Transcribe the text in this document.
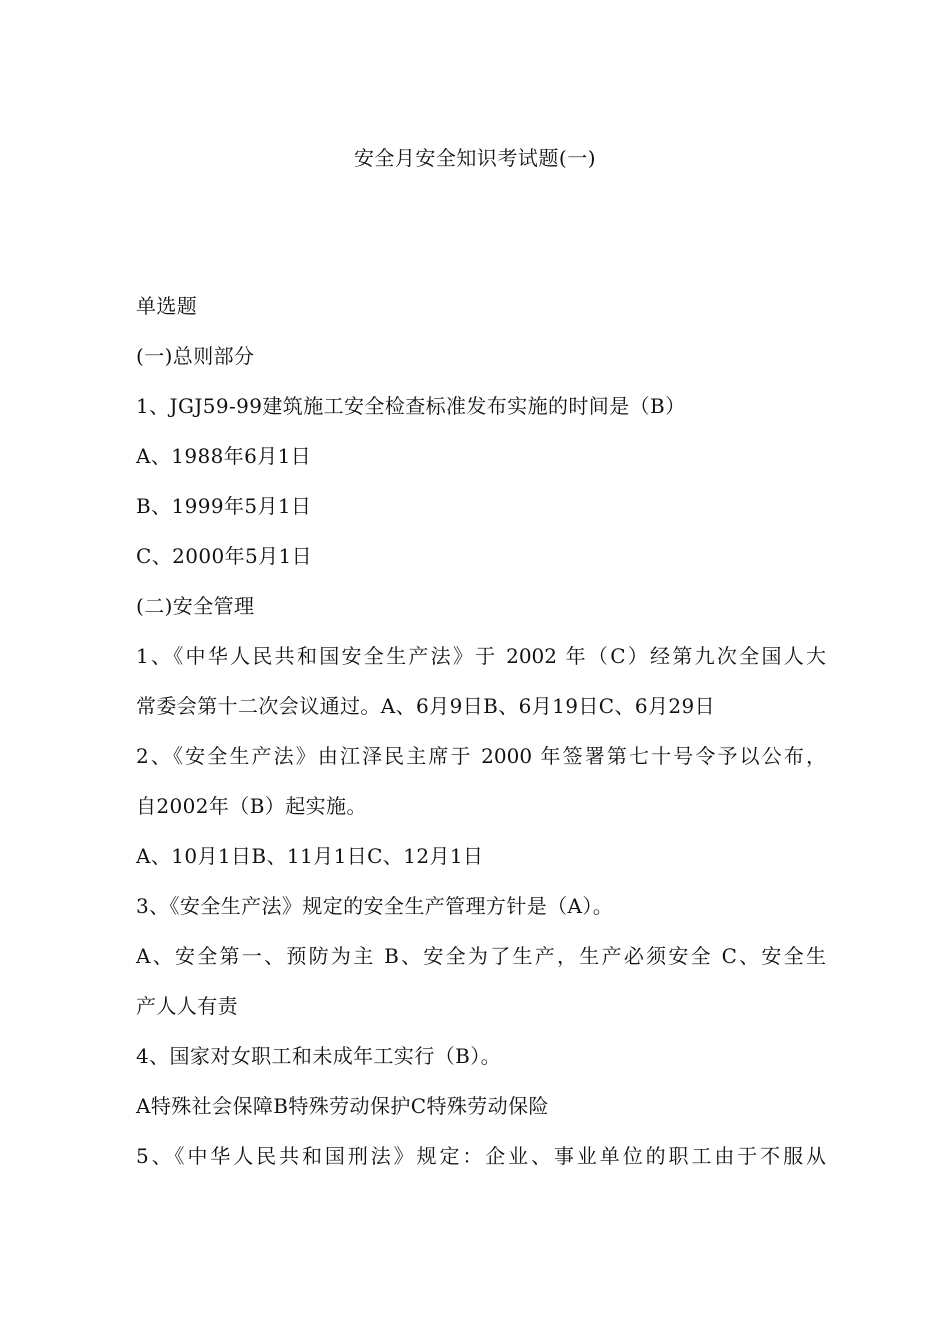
安全月安全知识考试题(一)
单选题
(一)总则部分
1、JGJ59-99建筑施工安全检查标准发布实施的时间是（B）
A、1988年6月1日
B、1999年5月1日
C、2000年5月1日
(二)安全管理
1、《中华人民共和国安全生产法》于 2002 年（C）经第九次全国人大
常委会第十二次会议通过。A、6月9日B、6月19日C、6月29日
2、《安全生产法》由江泽民主席于 2000 年签署第七十号令予以公布，
自2002年（B）起实施。
A、10月1日B、11月1日C、12月1日
3、《安全生产法》规定的安全生产管理方针是（A）。
A、安全第一、预防为主 B、安全为了生产，生产必须安全 C、安全生
产人人有责
4、国家对女职工和未成年工实行（B）。
A特殊社会保障B特殊劳动保护C特殊劳动保险
5、《中华人民共和国刑法》规定：企业、事业单位的职工由于不服从
